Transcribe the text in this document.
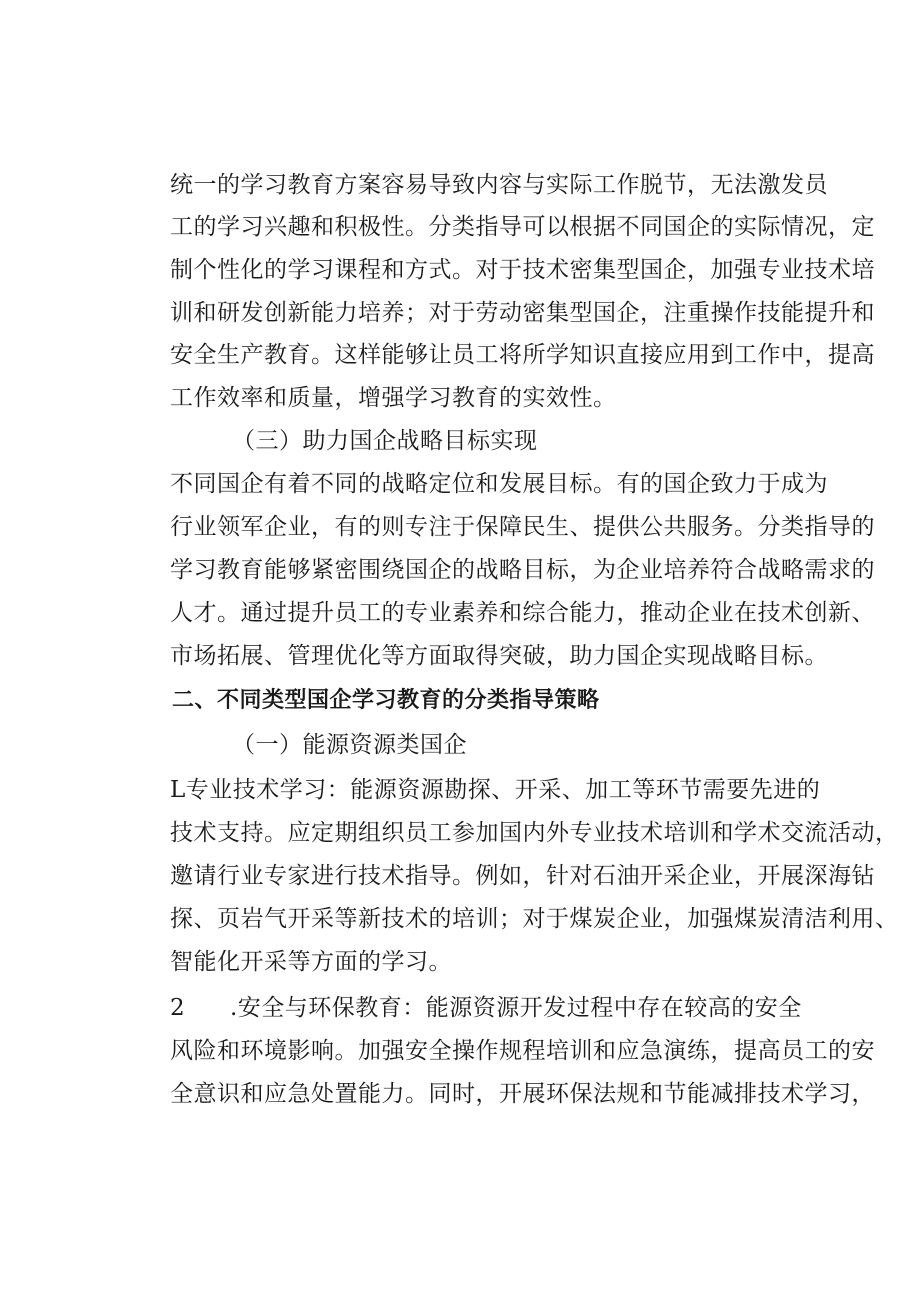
统一的学习教育方案容易导致内容与实际工作脱节，无法激发员
工的学习兴趣和积极性。分类指导可以根据不同国企的实际情况，定
制个性化的学习课程和方式。对于技术密集型国企，加强专业技术培
训和研发创新能力培养；对于劳动密集型国企，注重操作技能提升和
安全生产教育。这样能够让员工将所学知识直接应用到工作中，提高
工作效率和质量，增强学习教育的实效性。
（三）助力国企战略目标实现
不同国企有着不同的战略定位和发展目标。有的国企致力于成为
行业领军企业，有的则专注于保障民生、提供公共服务。分类指导的
学习教育能够紧密围绕国企的战略目标，为企业培养符合战略需求的
人才。通过提升员工的专业素养和综合能力，推动企业在技术创新、
市场拓展、管理优化等方面取得突破，助力国企实现战略目标。
二、不同类型国企学习教育的分类指导策略
（一）能源资源类国企
L专业技术学习：能源资源勘探、开采、加工等环节需要先进的
技术支持。应定期组织员工参加国内外专业技术培训和学术交流活动，
邀请行业专家进行技术指导。例如，针对石油开采企业，开展深海钻
探、页岩气开采等新技术的培训；对于煤炭企业，加强煤炭清洁利用、
智能化开采等方面的学习。
2 .安全与环保教育：能源资源开发过程中存在较高的安全
风险和环境影响。加强安全操作规程培训和应急演练，提高员工的安
全意识和应急处置能力。同时，开展环保法规和节能减排技术学习，
